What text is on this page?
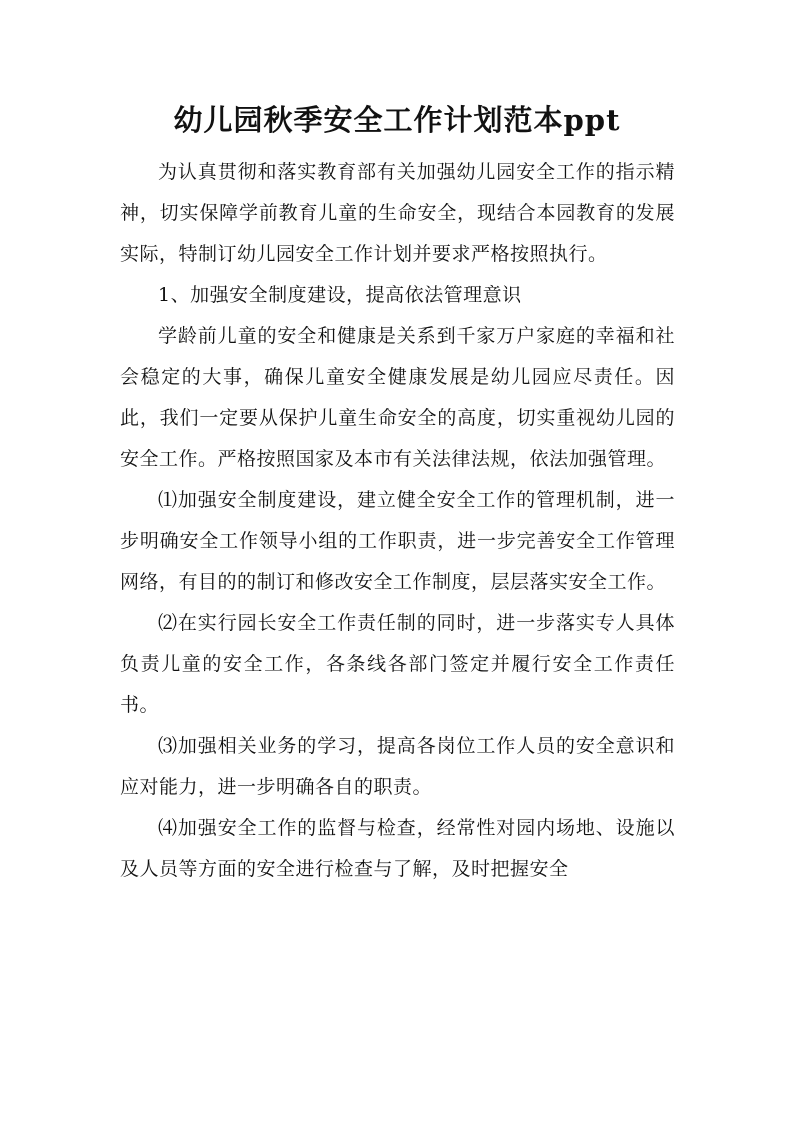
幼儿园秋季安全工作计划范本ppt

为认真贯彻和落实教育部有关加强幼儿园安全工作的指示精神，切实保障学前教育儿童的生命安全，现结合本园教育的发展实际，特制订幼儿园安全工作计划并要求严格按照执行。

1、加强安全制度建设，提高依法管理意识

学龄前儿童的安全和健康是关系到千家万户家庭的幸福和社会稳定的大事，确保儿童安全健康发展是幼儿园应尽责任。因此，我们一定要从保护儿童生命安全的高度，切实重视幼儿园的安全工作。严格按照国家及本市有关法律法规，依法加强管理。

⑴加强安全制度建设，建立健全安全工作的管理机制，进一步明确安全工作领导小组的工作职责，进一步完善安全工作管理网络，有目的的制订和修改安全工作制度，层层落实安全工作。

⑵在实行园长安全工作责任制的同时，进一步落实专人具体负责儿童的安全工作，各条线各部门签定并履行安全工作责任书。

⑶加强相关业务的学习，提高各岗位工作人员的安全意识和应对能力，进一步明确各自的职责。

⑷加强安全工作的监督与检查，经常性对园内场地、设施以及人员等方面的安全进行检查与了解，及时把握安全
